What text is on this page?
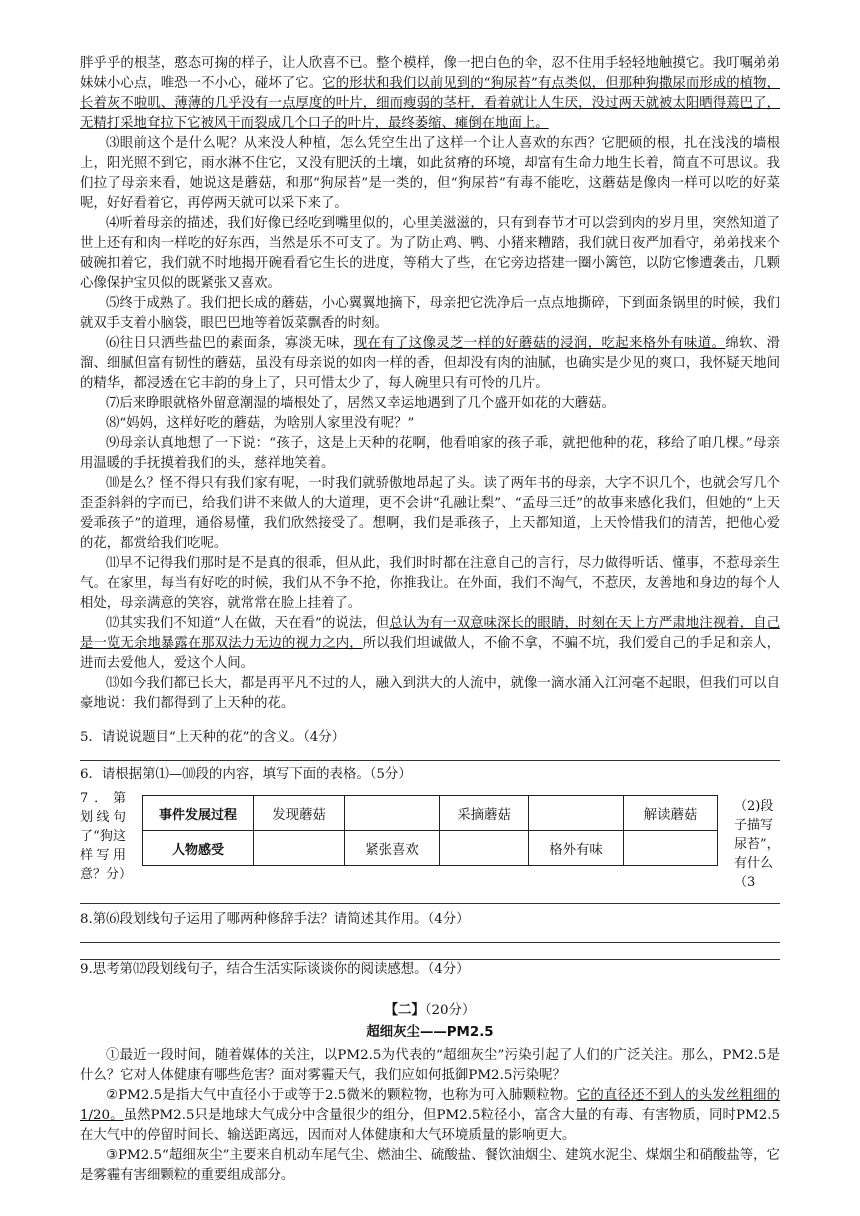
胖乎乎的根茎，憨态可掬的样子，让人欣喜不已。整个模样，像一把白色的伞，忍不住用手轻轻地触摸它。我叮嘱弟弟妹妹小心点，唯恐一不小心，碰坏了它。它的形状和我们以前见到的“狗尿苔”有点类似，但那种狗撒尿而形成的植物，长着灰不啦叽、薄薄的几乎没有一点厚度的叶片，细而瘦弱的茎杆，看着就让人生厌，没过两天就被太阳晒得蔫巴了，无精打采地耷拉下它被风干而裂成几个口子的叶片，最终萎缩、瘫倒在地面上。

⑶眼前这个是什么呢？从来没人种植，怎么凭空生出了这样一个让人喜欢的东西？它肥硕的根，扎在浅浅的墙根上，阳光照不到它，雨水淋不住它，又没有肥沃的土壤，如此贫瘠的环境，却富有生命力地生长着，简直不可思议。我们拉了母亲来看，她说这是蘑菇，和那“狗尿苔”是一类的，但“狗尿苔”有毒不能吃，这蘑菇是像肉一样可以吃的好菜呢，好好看着它，再停两天就可以采下来了。

⑷听着母亲的描述，我们好像已经吃到嘴里似的，心里美滋滋的，只有到春节才可以尝到肉的岁月里，突然知道了世上还有和肉一样吃的好东西，当然是乐不可支了。为了防止鸡、鸭、小猪来糟踏，我们就日夜严加看守，弟弟找来个破碗扣着它，我们就不时地揭开碗看看它生长的进度，等稍大了些，在它旁边搭建一圈小篱笆，以防它惨遭袭击，几颗心像保护宝贝似的既紧张又喜欢。

⑸终于成熟了。我们把长成的蘑菇，小心翼翼地摘下，母亲把它洗净后一点点地撕碎，下到面条锅里的时候，我们就双手支着小脑袋，眼巴巴地等着饭菜飘香的时刻。

⑹往日只洒些盐巴的素面条，寡淡无味，现在有了这像灵芝一样的好蘑菇的浸润，吃起来格外有味道。绵软、滑溜、细腻但富有韧性的蘑菇，虽没有母亲说的如肉一样的香，但却没有肉的油腻，也确实是少见的爽口，我怀疑天地间的精华，都浸透在它丰韵的身上了，只可惜太少了，每人碗里只有可怜的几片。

⑺后来睁眼就格外留意潮湿的墙根处了，居然又幸运地遇到了几个盛开如花的大蘑菇。

⑻“妈妈，这样好吃的蘑菇，为啥别人家里没有呢？”

⑼母亲认真地想了一下说：“孩子，这是上天种的花啊，他看咱家的孩子乖，就把他种的花，移给了咱几棵。”母亲用温暖的手抚摸着我们的头，慈祥地笑着。

⑽是么？怪不得只有我们家有呢，一时我们就骄傲地昂起了头。读了两年书的母亲，大字不识几个，也就会写几个歪歪斜斜的字而已，给我们讲不来做人的大道理，更不会讲“孔融让梨”、“孟母三迁”的故事来感化我们，但她的“上天爱乖孩子”的道理，通俗易懂，我们欣然接受了。想啊，我们是乖孩子，上天都知道，上天怜惜我们的清苦，把他心爱的花，都赏给我们吃呢。

⑾早不记得我们那时是不是真的很乖，但从此，我们时时都在注意自己的言行，尽力做得听话、懂事，不惹母亲生气。在家里，每当有好吃的时候，我们从不争不抢，你推我让。在外面，我们不淘气，不惹厌，友善地和身边的每个人相处，母亲满意的笑容，就常常在脸上挂着了。

⑿其实我们不知道“人在做，天在看”的说法，但总认为有一双意味深长的眼睛，时刻在天上方严肃地注视着，自己是一览无余地暴露在那双法力无边的视力之内，所以我们坦诚做人，不偷不拿，不骗不坑，我们爱自己的手足和亲人，进而去爱他人，爱这个人间。

⒀如今我们都已长大，都是再平凡不过的人，融入到洪大的人流中，就像一滴水涌入江河毫不起眼，但我们可以自豪地说：我们都得到了上天种的花。

5．请说说题目“上天种的花”的含义。（4分）

6．请根据第⑴—⑽段的内容，填写下面的表格。（5分）

7．第划线句了“狗这样写用意？分）
事件发展过程	发现蘑菇		采摘蘑菇		解读蘑菇
人物感受		紧张喜欢		格外有味	
（2)段子描写尿苔”，有什么（3

8.第⑹段划线句子运用了哪两种修辞手法？请简述其作用。（4分）

9.思考第⑿段划线句子，结合生活实际谈谈你的阅读感想。（4分）

【二】（20分）
超细灰尘——PM2.5

①最近一段时间，随着媒体的关注，以PM2.5为代表的“超细灰尘”污染引起了人们的广泛关注。那么，PM2.5是什么？它对人体健康有哪些危害？面对雾霾天气，我们应如何抵御PM2.5污染呢？

②PM2.5是指大气中直径小于或等于2.5微米的颗粒物，也称为可入肺颗粒物。它的直径还不到人的头发丝粗细的1/20。虽然PM2.5只是地球大气成分中含量很少的组分，但PM2.5粒径小，富含大量的有毒、有害物质，同时PM2.5在大气中的停留时间长、输送距离远，因而对人体健康和大气环境质量的影响更大。

③PM2.5“超细灰尘”主要来自机动车尾气尘、燃油尘、硫酸盐、餐饮油烟尘、建筑水泥尘、煤烟尘和硝酸盐等，它是雾霾有害细颗粒的重要组成部分。
